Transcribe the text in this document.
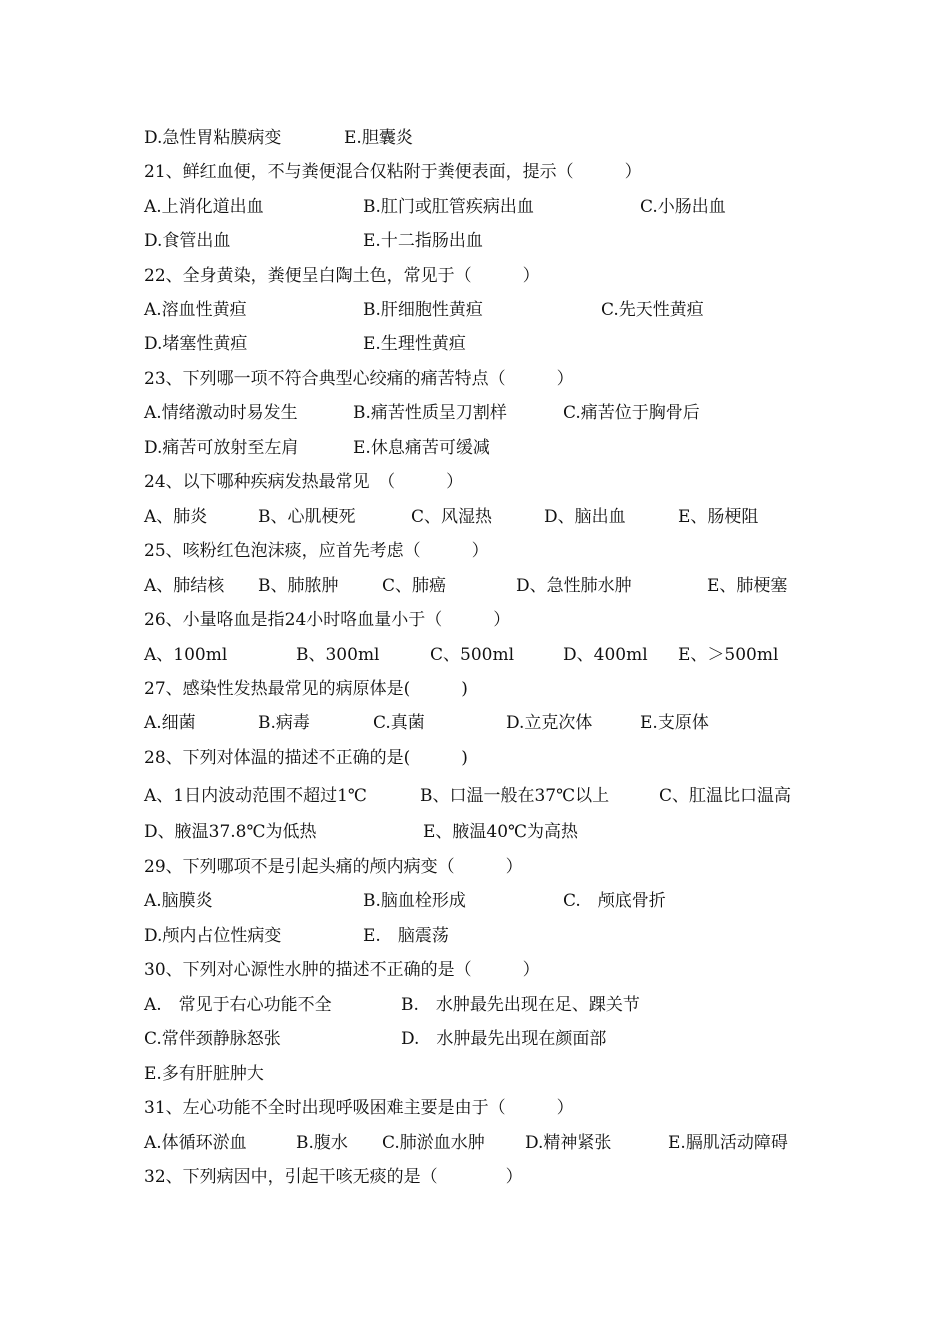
D.急性胃粘膜病变

	E.胆囊炎

21、鲜红血便，不与粪便混合仅粘附于粪便表面，提示（　　　）

A.上消化道出血

	B.肛门或肛管疾病出血

	C.小肠出血

D.食管出血

	E.十二指肠出血

22、全身黄染，粪便呈白陶土色，常见于（　　　）

A.溶血性黄疸

	B.肝细胞性黄疸

	C.先天性黄疸

D.堵塞性黄疸

	E.生理性黄疸

23、下列哪一项不符合典型心绞痛的痛苦特点（　　　）

A.情绪激动时易发生

	B.痛苦性质呈刀割样

	C.痛苦位于胸骨后

D.痛苦可放射至左肩

	E.休息痛苦可缓减

24、以下哪种疾病发热最常见　（　　　）

A、肺炎

	B、心肌梗死

	C、风湿热

	D、脑出血

	E、肠梗阻

25、咳粉红色泡沫痰，应首先考虑（　　　）

A、肺结核

B、肺脓肿

	C、肺癌

	D、急性肺水肿

	E、肺梗塞

26、小量咯血是指24小时咯血量小于（　　　）

A、100ml

	B、300ml

	C、500ml

	D、400ml

E、＞500ml

27、感染性发热最常见的病原体是(　　　)

A.细菌

	B.病毒

	C.真菌

	D.立克次体

	E.支原体

28、下列对体温的描述不正确的是(　　　)

A、1日内波动范围不超过1℃

	B、口温一般在37℃以上

	C、肛温比口温高

D、腋温37.8℃为低热

	E、腋温40℃为高热

29、下列哪项不是引起头痛的颅内病变（　　　）

A.脑膜炎

	B.脑血栓形成

	C.　颅底骨折

D.颅内占位性病变

	E.　脑震荡

30、下列对心源性水肿的描述不正确的是（　　　）

A.　常见于右心功能不全

	B.　水肿最先出现在足、踝关节

C.常伴颈静脉怒张

	D.　水肿最先出现在颜面部

E.多有肝脏肿大

31、左心功能不全时出现呼吸困难主要是由于（　　　）

A.体循环淤血

	B.腹水

C.肺淤血水肿

D.精神紧张

	E.膈肌活动障碍

32、下列病因中，引起干咳无痰的是（　　　　）
